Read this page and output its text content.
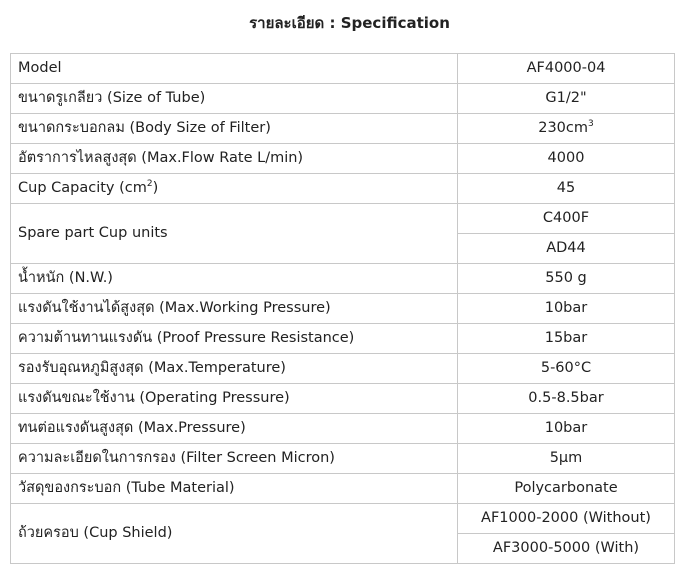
รายละเอียด : Specification
Model	AF4000-04
ขนาดรูเกลียว (Size of Tube)	G1/2"
ขนาดกระบอกลม (Body Size of Filter)	$230cm^3$
อัตราการไหลสูงสุด (Max.Flow Rate L/min)	4000
Cup Capacity $(cm^2)$	45
Spare part Cup units	C400F
	AD44
น้ำหนัก (N.W.)	550 g
แรงดันใช้งานได้สูงสุด (Max.Working Pressure)	10bar
ความต้านทานแรงดัน (Proof Pressure Resistance)	15bar
รองรับอุณหภูมิสูงสุด (Max.Temperature)	5-60°C
แรงดันขณะใช้งาน (Operating Pressure)	0.5-8.5bar
ทนต่อแรงดันสูงสุด (Max.Pressure)	10bar
ความละเอียดในการกรอง (Filter Screen Micron)	5μm
วัสดุของกระบอก (Tube Material)	Polycarbonate
ถ้วยครอบ (Cup Shield)	AF1000-2000 (Without)
	AF3000-5000 (With)
